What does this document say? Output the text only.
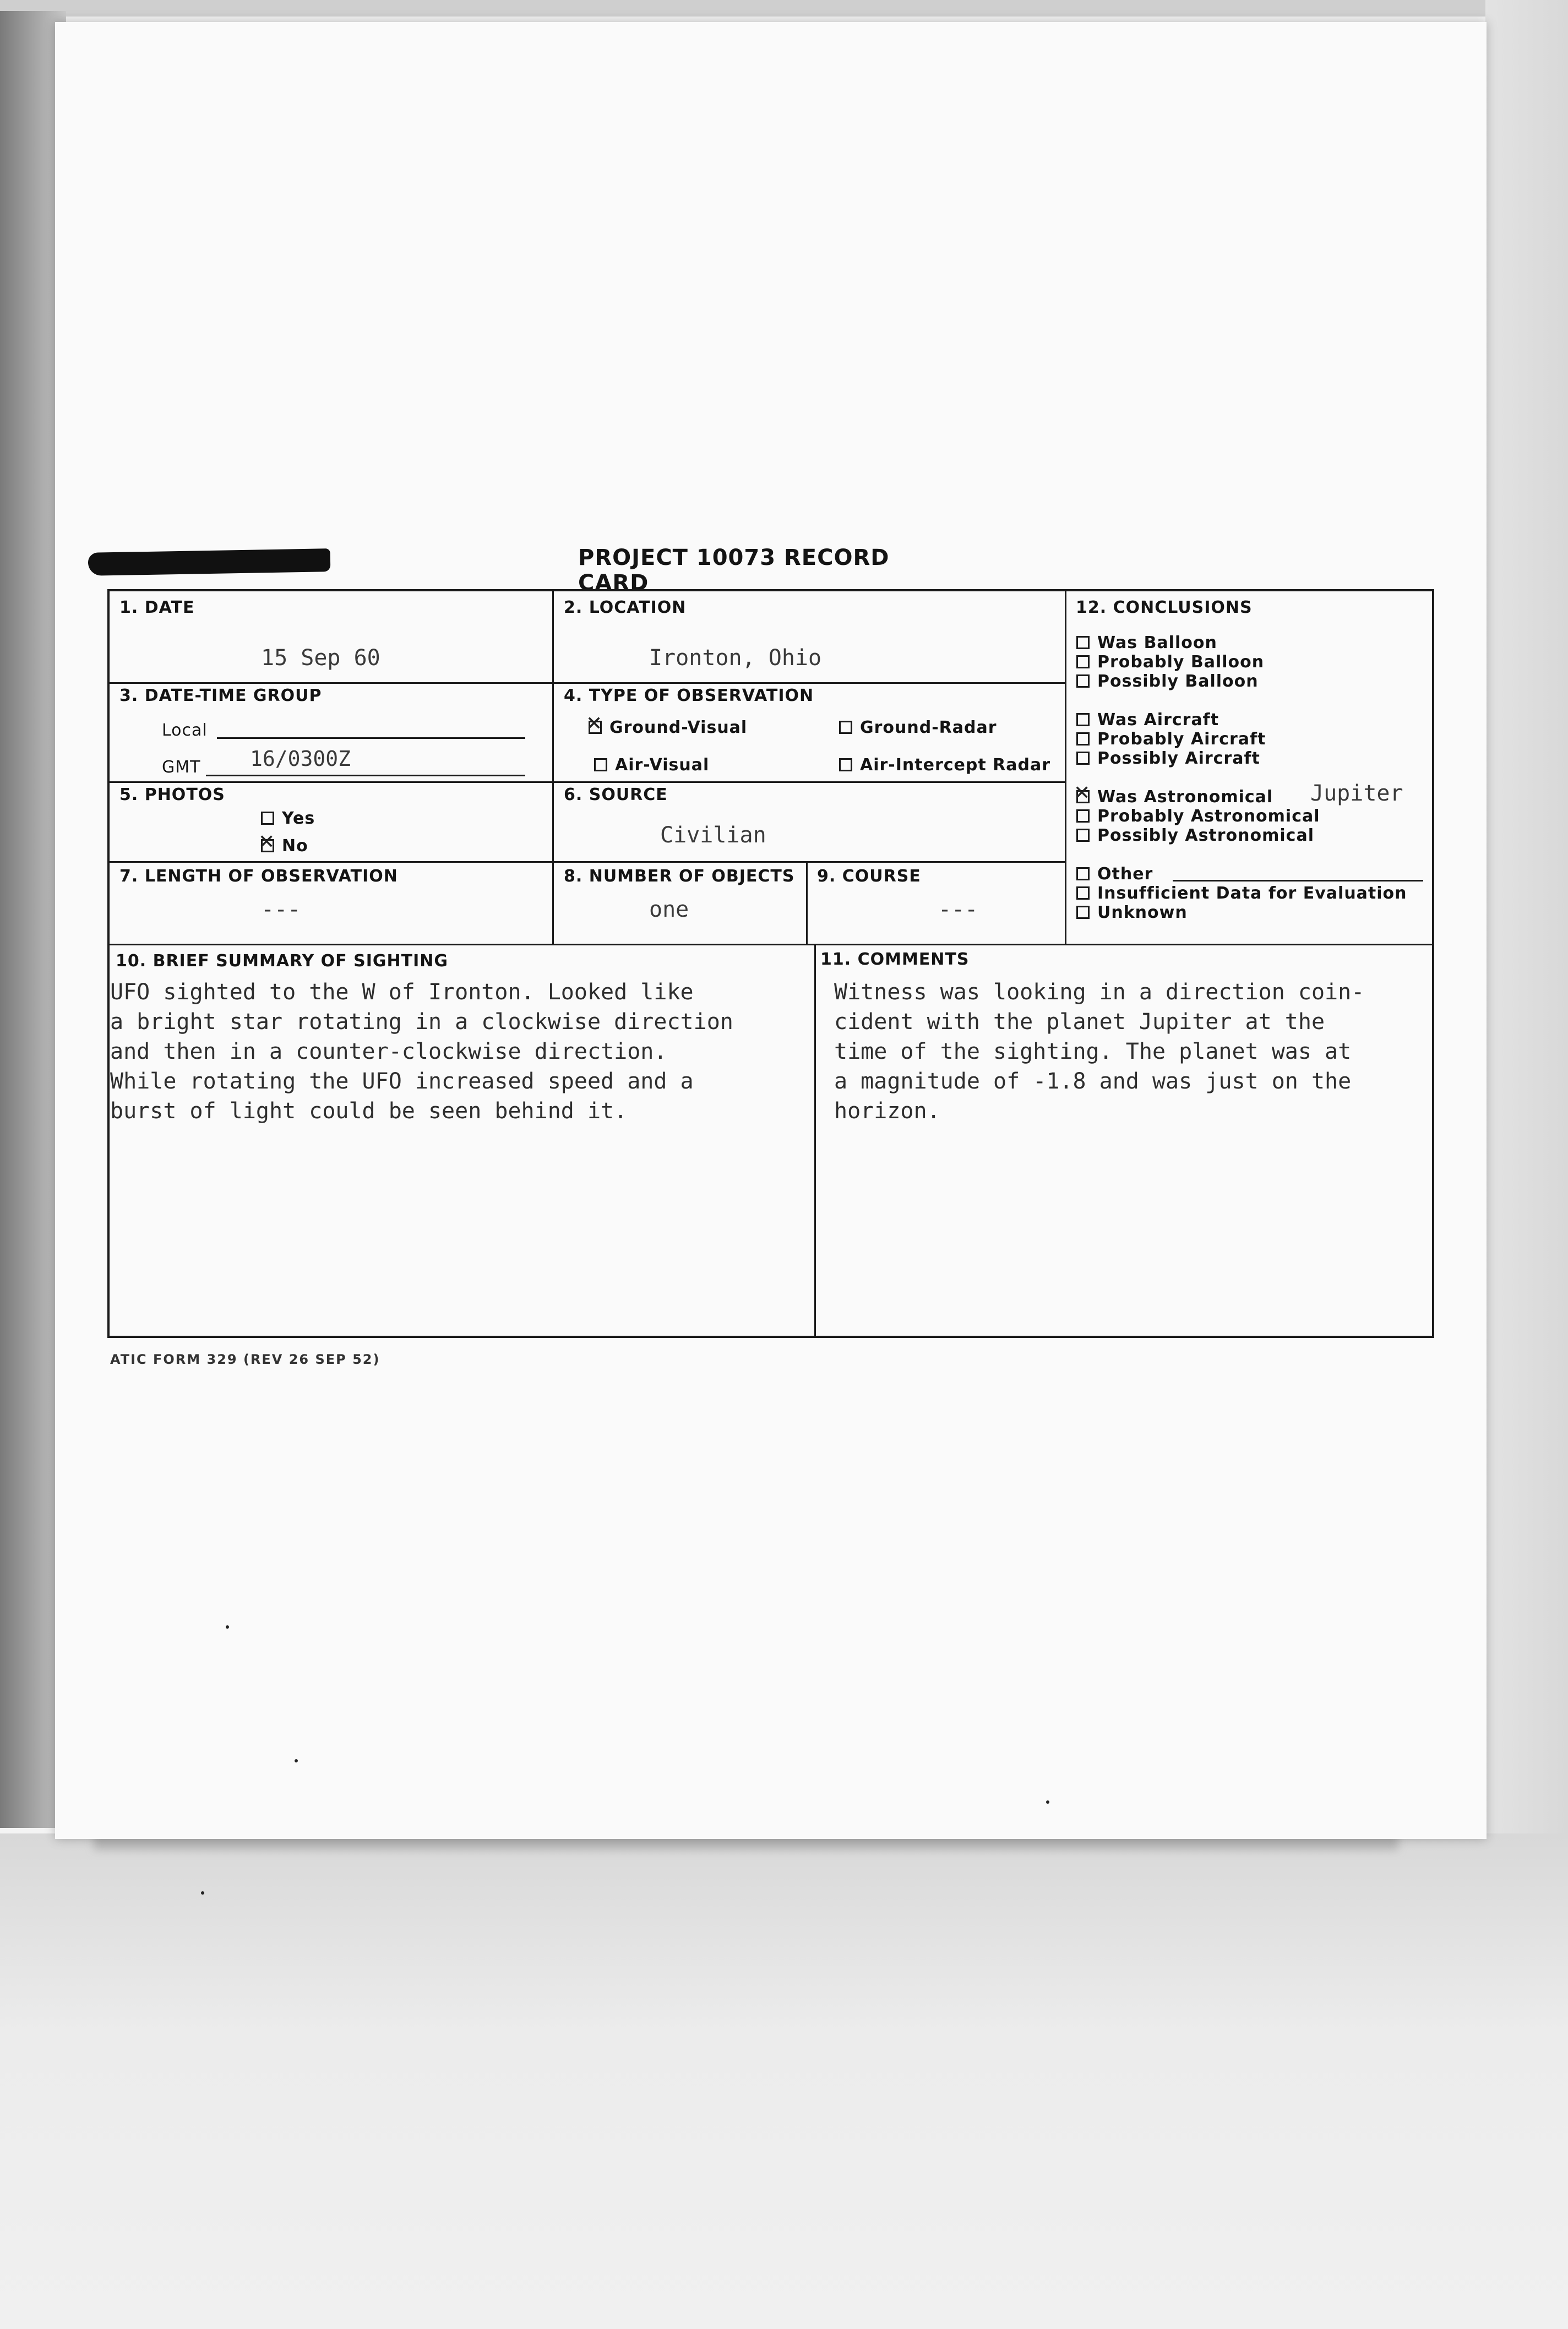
PROJECT 10073 RECORD CARD
1. DATE
15 Sep 60
2. LOCATION
Ironton, Ohio
3. DATE-TIME GROUP
Local
GMT 16/0300Z
4. TYPE OF OBSERVATION
✕Ground-Visual	Ground-Radar
Air-Visual	Air-Intercept Radar
5. PHOTOS
Yes
✕No
6. SOURCE
Civilian
7. LENGTH OF OBSERVATION
---
8. NUMBER OF OBJECTS
one
9. COURSE
---
12. CONCLUSIONS
Was Balloon
Probably Balloon
Possibly Balloon
Was Aircraft
Probably Aircraft
Possibly Aircraft
✕Was Astronomical Jupiter
Probably Astronomical
Possibly Astronomical
Other
Insufficient Data for Evaluation
Unknown
10. BRIEF SUMMARY OF SIGHTING
UFO sighted to the W of Ironton. Looked like
a bright star rotating in a clockwise direction
and then in a counter-clockwise direction.
While rotating the UFO increased speed and a
burst of light could be seen behind it.
11. COMMENTS
Witness was looking in a direction coin-
cident with the planet Jupiter at the
time of the sighting. The planet was at
a magnitude of -1.8 and was just on the
horizon.
ATIC FORM 329 (REV 26 SEP 52)
